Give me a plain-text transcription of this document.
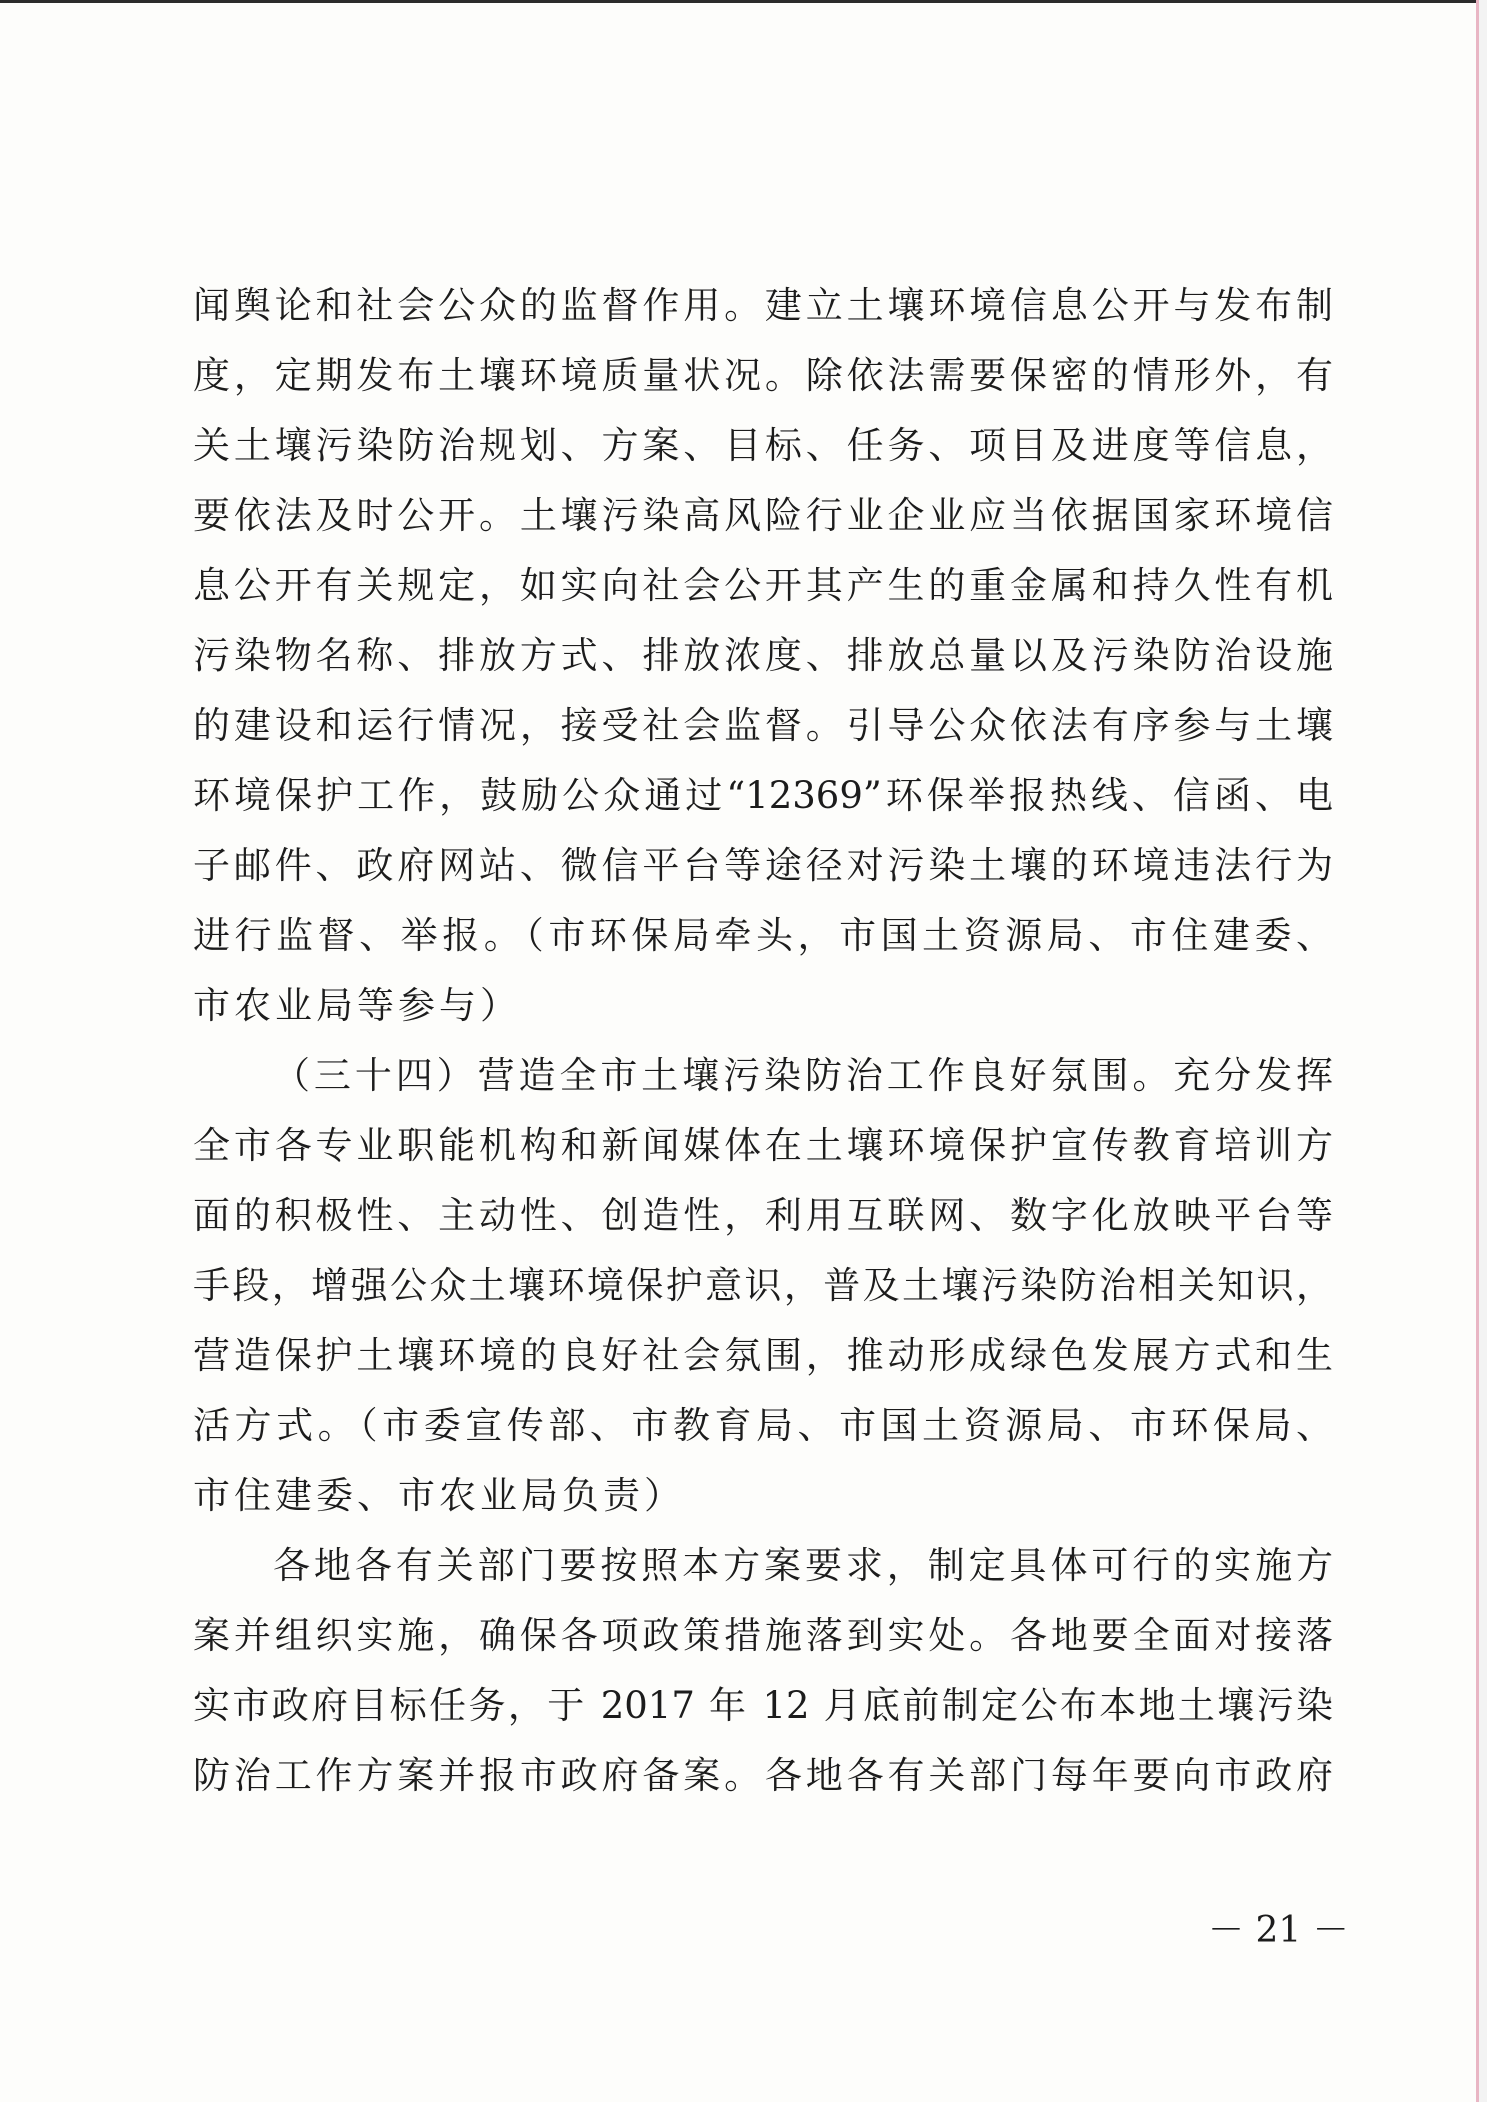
闻舆论和社会公众的监督作用。建立土壤环境信息公开与发布制
度，定期发布土壤环境质量状况。除依法需要保密的情形外，有
关土壤污染防治规划、方案、目标、任务、项目及进度等信息，
要依法及时公开。土壤污染高风险行业企业应当依据国家环境信
息公开有关规定，如实向社会公开其产生的重金属和持久性有机
污染物名称、排放方式、排放浓度、排放总量以及污染防治设施
的建设和运行情况，接受社会监督。引导公众依法有序参与土壤
环境保护工作，鼓励公众通过“12369”环保举报热线、信函、电
子邮件、政府网站、微信平台等途径对污染土壤的环境违法行为
进行监督、举报。（市环保局牵头，市国土资源局、市住建委、
市农业局等参与）
（三十四）营造全市土壤污染防治工作良好氛围。充分发挥
全市各专业职能机构和新闻媒体在土壤环境保护宣传教育培训方
面的积极性、主动性、创造性，利用互联网、数字化放映平台等
手段，增强公众土壤环境保护意识，普及土壤污染防治相关知识，
营造保护土壤环境的良好社会氛围，推动形成绿色发展方式和生
活方式。（市委宣传部、市教育局、市国土资源局、市环保局、
市住建委、市农业局负责）
各地各有关部门要按照本方案要求，制定具体可行的实施方
案并组织实施，确保各项政策措施落到实处。各地要全面对接落
实市政府目标任务，于 2017 年 12 月底前制定公布本地土壤污染
防治工作方案并报市政府备案。各地各有关部门每年要向市政府
－ 21 －
